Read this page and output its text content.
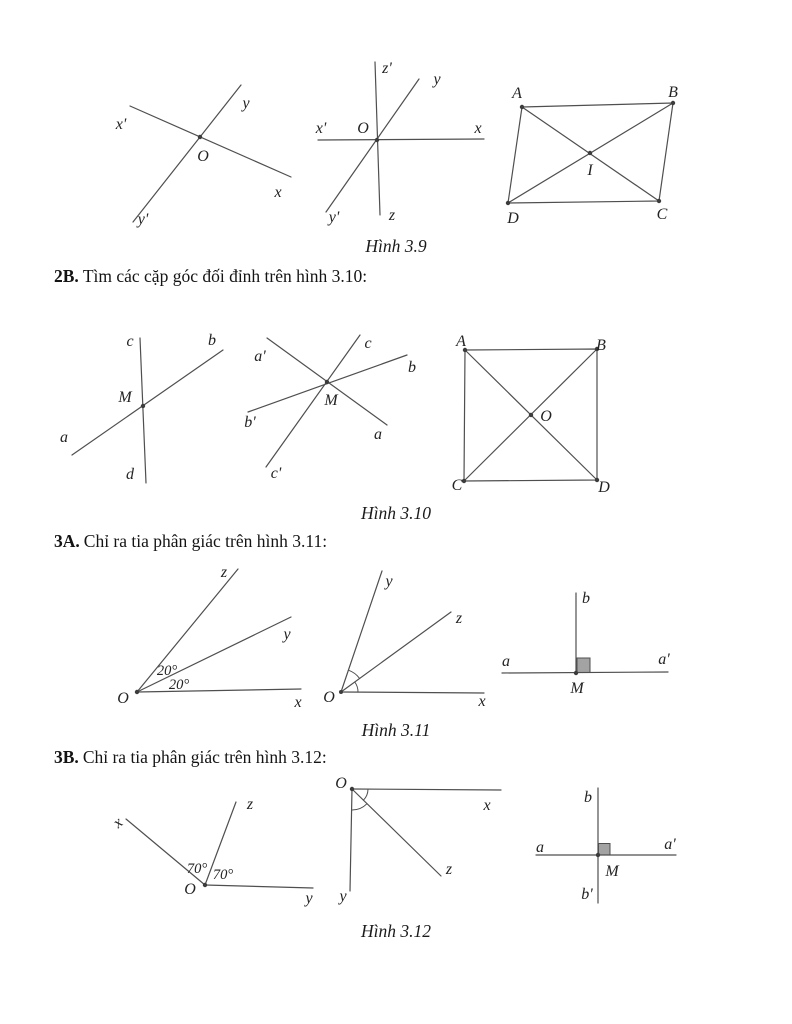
x'
y
O
x
y'
z'
y
x' O	x
y'	z
A	B
D	C
I
Hình 3.9
2B. Tìm các cặp góc đối đỉnh trên hình 3.10:
c	b
M
a
d
a'
c
b
M
b'
a
c'
A	B
C	D
O
Hình 3.10
3A. Chỉ ra tia phân giác trên hình 3.11:
z
y
x
O
20°
20°
y
z
x
O
a
b
a'
M
Hình 3.11
3B. Chỉ ra tia phân giác trên hình 3.12:
x
z
y
O
70° 70°
O
x
z
y
b
a	a'
M
b'
Hình 3.12
